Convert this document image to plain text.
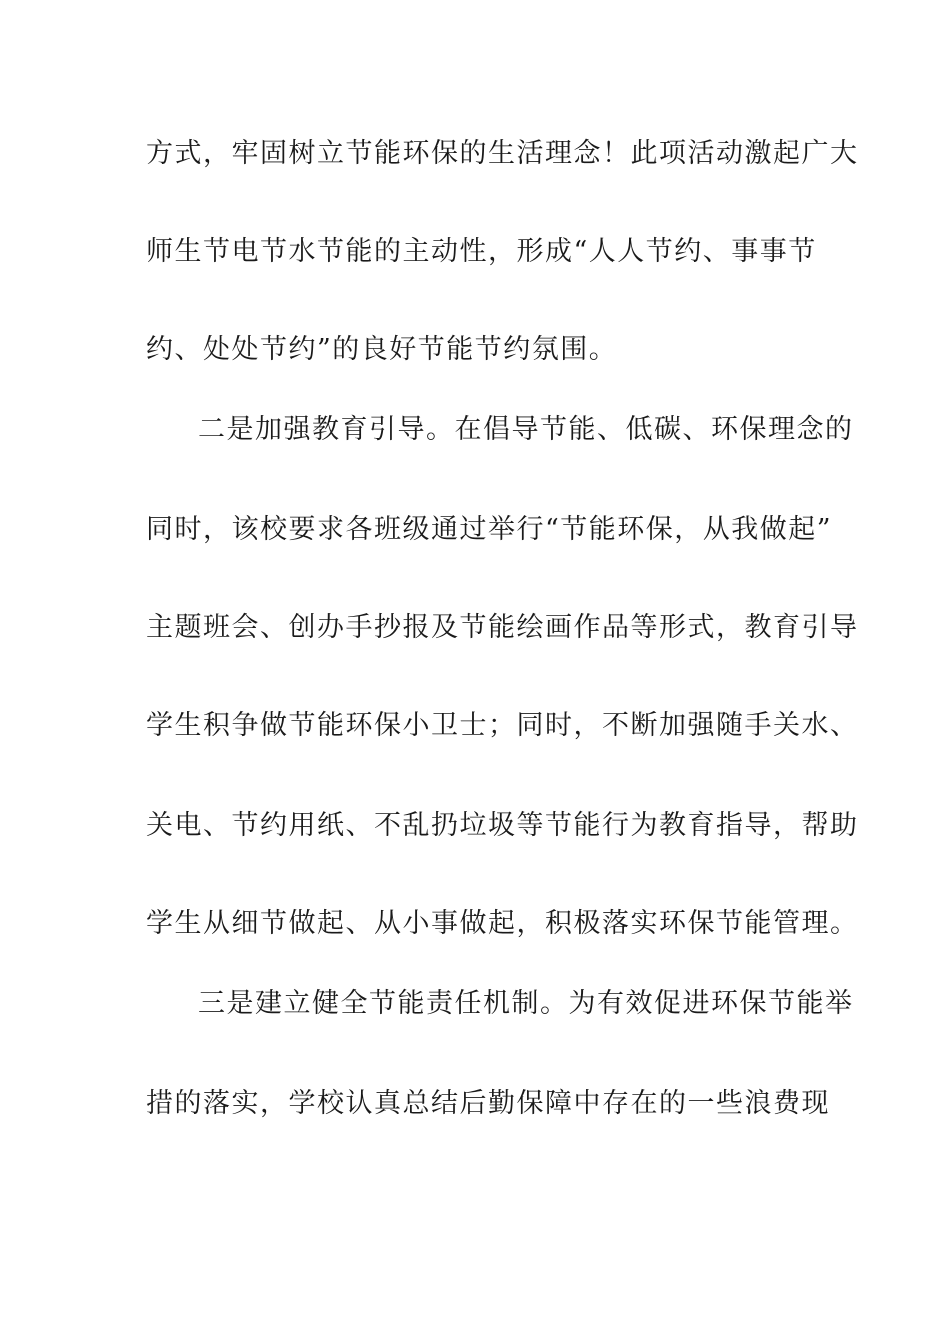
方式，牢固树立节能环保的生活理念！此项活动激起广大
师生节电节水节能的主动性，形成“人人节约、事事节
约、处处节约”的良好节能节约氛围。
二是加强教育引导。在倡导节能、低碳、环保理念的
同时，该校要求各班级通过举行“节能环保，从我做起”
主题班会、创办手抄报及节能绘画作品等形式，教育引导
学生积争做节能环保小卫士；同时，不断加强随手关水、
关电、节约用纸、不乱扔垃圾等节能行为教育指导，帮助
学生从细节做起、从小事做起，积极落实环保节能管理。
三是建立健全节能责任机制。为有效促进环保节能举
措的落实，学校认真总结后勤保障中存在的一些浪费现
